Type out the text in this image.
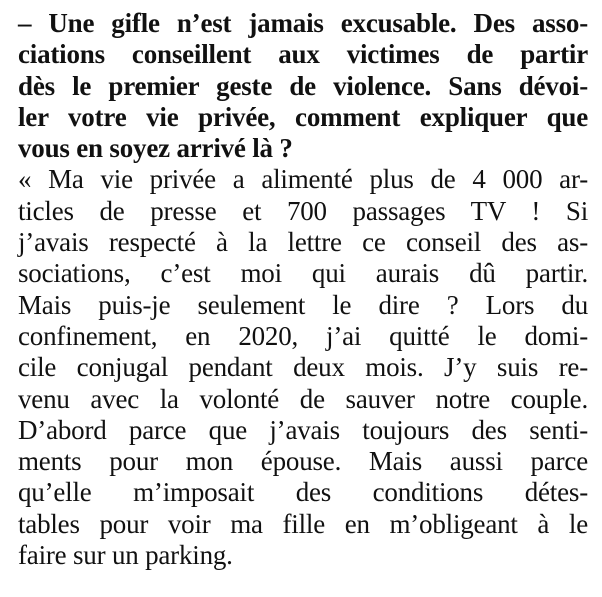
– Une gifle n’est jamais excusable. Des asso-
ciations conseillent aux victimes de partir
dès le premier geste de violence. Sans dévoi-
ler votre vie privée, comment expliquer que
vous en soyez arrivé là ?
« Ma vie privée a alimenté plus de 4 000 ar-
ticles de presse et 700 passages TV ! Si
j’avais respecté à la lettre ce conseil des as-
sociations, c’est moi qui aurais dû partir.
Mais puis-je seulement le dire ? Lors du
confinement, en 2020, j’ai quitté le domi-
cile conjugal pendant deux mois. J’y suis re-
venu avec la volonté de sauver notre couple.
D’abord parce que j’avais toujours des senti-
ments pour mon épouse. Mais aussi parce
qu’elle m’imposait des conditions détes-
tables pour voir ma fille en m’obligeant à le
faire sur un parking.
